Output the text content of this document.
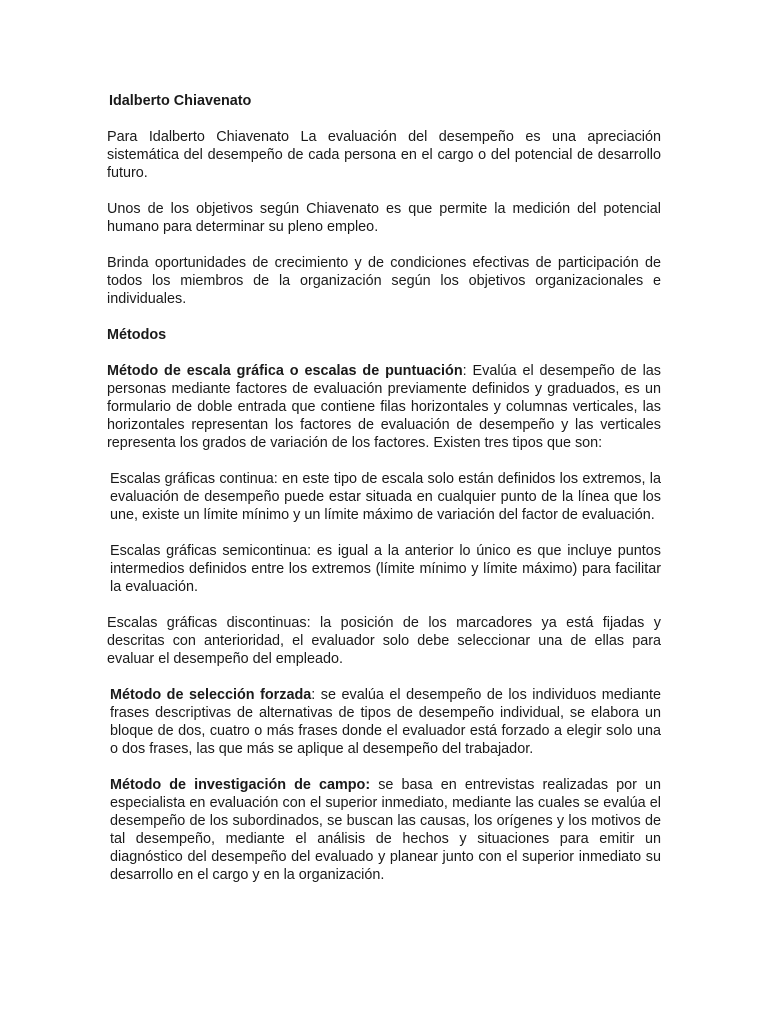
Idalberto Chiavenato

Para Idalberto Chiavenato La evaluación del desempeño es una apreciación sistemática del desempeño de cada persona en el cargo o del potencial de desarrollo futuro.

Unos de los objetivos según Chiavenato es que permite la medición del potencial humano para determinar su pleno empleo.

Brinda oportunidades de crecimiento y de condiciones efectivas de participación de todos los miembros de la organización según los objetivos organizacionales e individuales.

Métodos

Método de escala gráfica o escalas de puntuación: Evalúa el desempeño de las personas mediante factores de evaluación previamente definidos y graduados, es un formulario de doble entrada que contiene filas horizontales y columnas verticales, las horizontales representan los factores de evaluación de desempeño y las verticales representa los grados de variación de los factores. Existen tres tipos que son:

Escalas gráficas continua: en este tipo de escala solo están definidos los extremos, la evaluación de desempeño puede estar situada en cualquier punto de la línea que los une, existe un límite mínimo y un límite máximo de variación del factor de evaluación.

Escalas gráficas semicontinua: es igual a la anterior lo único es que incluye puntos intermedios definidos entre los extremos (límite mínimo y límite máximo) para facilitar la evaluación.

Escalas gráficas discontinuas: la posición de los marcadores ya está fijadas y descritas con anterioridad, el evaluador solo debe seleccionar una de ellas para evaluar el desempeño del empleado.

Método de selección forzada: se evalúa el desempeño de los individuos mediante frases descriptivas de alternativas de tipos de desempeño individual, se elabora un bloque de dos, cuatro o más frases donde el evaluador está forzado a elegir solo una o dos frases, las que más se aplique al desempeño del trabajador.

Método de investigación de campo: se basa en entrevistas realizadas por un especialista en evaluación con el superior inmediato, mediante las cuales se evalúa el desempeño de los subordinados, se buscan las causas, los orígenes y los motivos de tal desempeño, mediante el análisis de hechos y situaciones para emitir un diagnóstico del desempeño del evaluado y planear junto con el superior inmediato su desarrollo en el cargo y en la organización.
